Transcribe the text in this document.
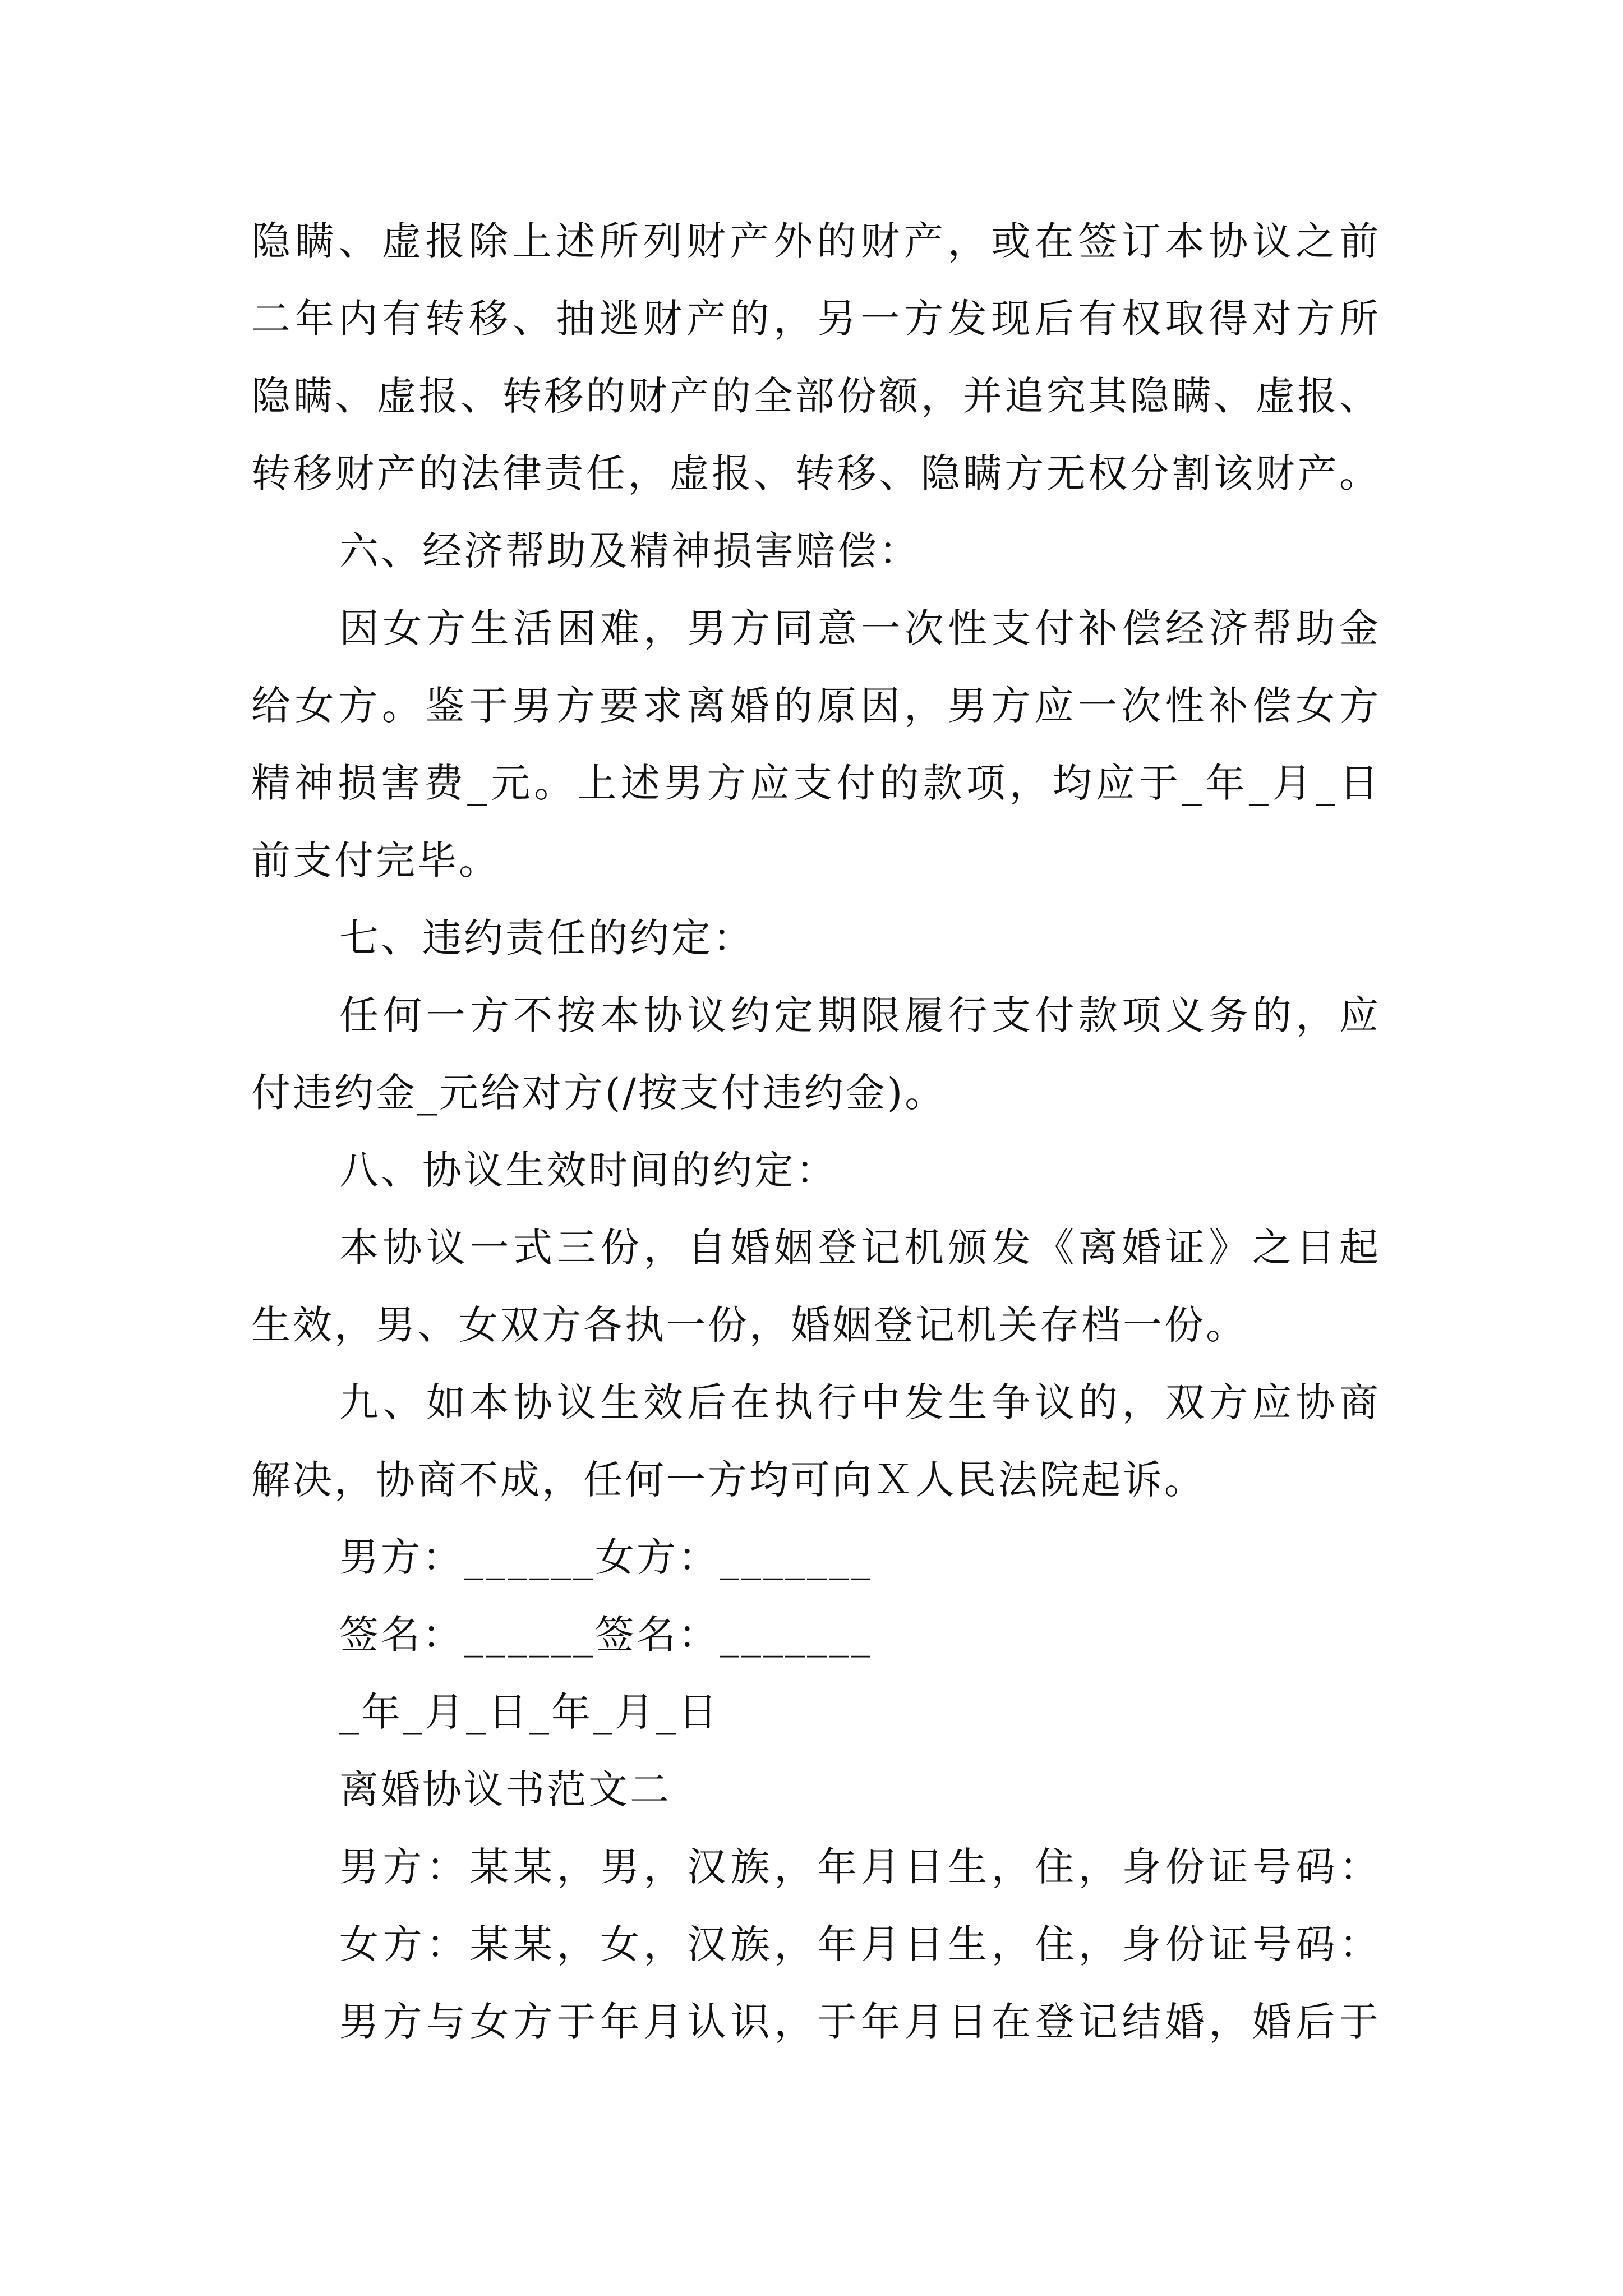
隐瞒、虚报除上述所列财产外的财产，或在签订本协议之前
二年内有转移、抽逃财产的，另一方发现后有权取得对方所
隐瞒、虚报、转移的财产的全部份额，并追究其隐瞒、虚报、
转移财产的法律责任，虚报、转移、隐瞒方无权分割该财产。
六、经济帮助及精神损害赔偿：
因女方生活困难，男方同意一次性支付补偿经济帮助金
给女方。鉴于男方要求离婚的原因，男方应一次性补偿女方
精神损害费_元。上述男方应支付的款项，均应于_年_月_日
前支付完毕。
七、违约责任的约定：
任何一方不按本协议约定期限履行支付款项义务的，应
付违约金_元给对方(/按支付违约金)。
八、协议生效时间的约定：
本协议一式三份，自婚姻登记机颁发《离婚证》之日起
生效，男、女双方各执一份，婚姻登记机关存档一份。
九、如本协议生效后在执行中发生争议的，双方应协商
解决，协商不成，任何一方均可向Ｘ人民法院起诉。
男方：______女方：_______
签名：______签名：_______
_年_月_日_年_月_日
离婚协议书范文二
男方：某某，男，汉族，年月日生，住，身份证号码：
女方：某某，女，汉族，年月日生，住，身份证号码：
男方与女方于年月认识，于年月日在登记结婚，婚后于
